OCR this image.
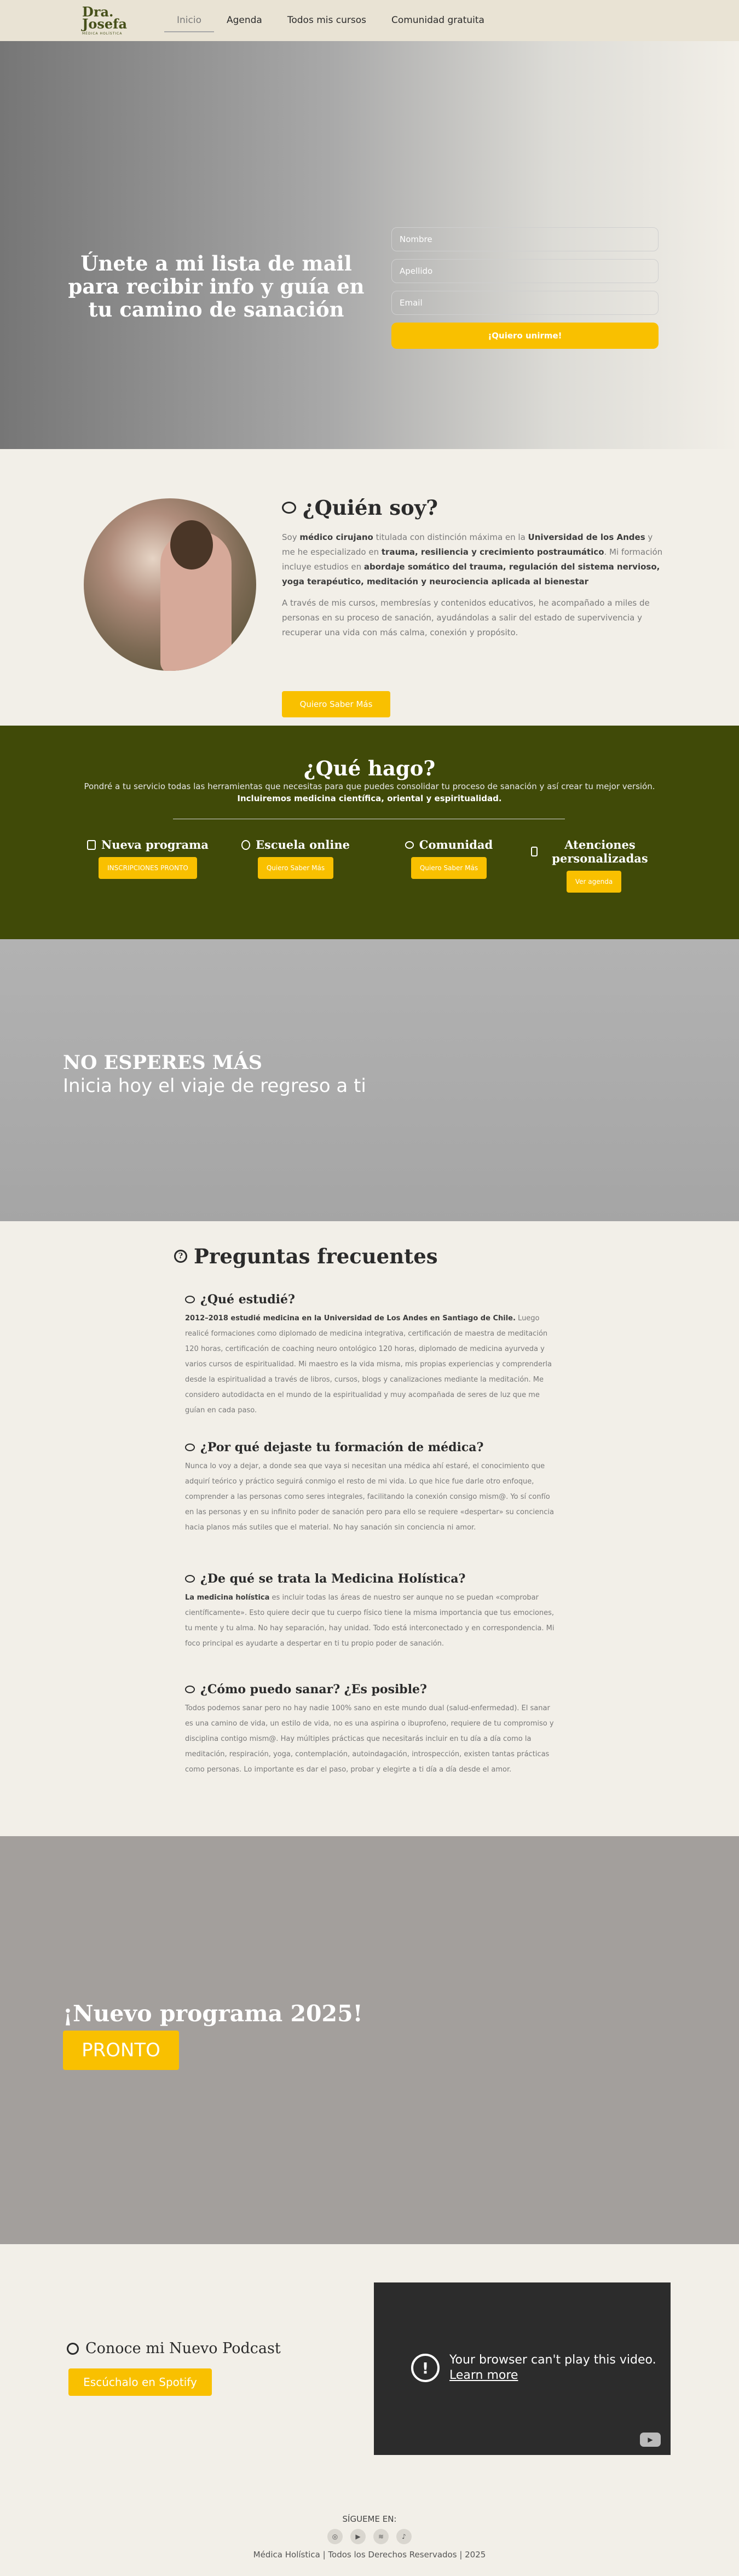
Dra. Josefa
MÉDICA HOLÍSTICA
Inicio	Agenda	Todos mis cursos	Comunidad gratuita
Únete a mi lista de mail para recibir info y guía en tu camino de sanación
Nombre
Apellido
Email
¡Quiero unirme!
¿Quién soy?

Soy médico cirujano titulada con distinción máxima en la Universidad de los Andes y me he especializado en trauma, resiliencia y crecimiento postraumático. Mi formación incluye estudios en abordaje somático del trauma, regulación del sistema nervioso, yoga terapéutico, meditación y neurociencia aplicada al bienestar

A través de mis cursos, membresías y contenidos educativos, he acompañado a miles de personas en su proceso de sanación, ayudándolas a salir del estado de supervivencia y recuperar una vida con más calma, conexión y propósito.

Quiero Saber Más
¿Qué hago?
Pondré a tu servicio todas las herramientas que necesitas para que puedes consolidar tu proceso de sanación y así crear tu mejor versión.
Incluiremos medicina científica, oriental y espiritualidad.
Nueva programa
INSCRIPCIONES PRONTO
Escuela online
Quiero Saber Más
Comunidad
Quiero Saber Más
Atenciones personalizadas
Ver agenda
NO ESPERES MÁS

Inicia hoy el viaje de regreso a ti

? Preguntas frecuentes
¿Qué estudié?

2012–2018 estudié medicina en la Universidad de Los Andes en Santiago de Chile. Luego realicé formaciones como diplomado de medicina integrativa, certificación de maestra de meditación 120 horas, certificación de coaching neuro ontológico 120 horas, diplomado de medicina ayurveda y varios cursos de espiritualidad. Mi maestro es la vida misma, mis propias experiencias y comprenderla desde la espiritualidad a través de libros, cursos, blogs y canalizaciones mediante la meditación. Me considero autodidacta en el mundo de la espiritualidad y muy acompañada de seres de luz que me guían en cada paso.

¿Por qué dejaste tu formación de médica?

Nunca lo voy a dejar, a donde sea que vaya si necesitan una médica ahí estaré, el conocimiento que adquirí teórico y práctico seguirá conmigo el resto de mi vida. Lo que hice fue darle otro enfoque, comprender a las personas como seres integrales, facilitando la conexión consigo mism@. Yo sí confío en las personas y en su infinito poder de sanación pero para ello se requiere «despertar» su conciencia hacia planos más sutiles que el material. No hay sanación sin conciencia ni amor.

¿De qué se trata la Medicina Holística?

La medicina holística es incluir todas las áreas de nuestro ser aunque no se puedan «comprobar científicamente». Esto quiere decir que tu cuerpo físico tiene la misma importancia que tus emociones, tu mente y tu alma. No hay separación, hay unidad. Todo está interconectado y en correspondencia. Mi foco principal es ayudarte a despertar en ti tu propio poder de sanación.

¿Cómo puedo sanar? ¿Es posible?

Todos podemos sanar pero no hay nadie 100% sano en este mundo dual (salud-enfermedad). El sanar es una camino de vida, un estilo de vida, no es una aspirina o ibuprofeno, requiere de tu compromiso y disciplina contigo mism@. Hay múltiples prácticas que necesitarás incluir en tu día a día como la meditación, respiración, yoga, contemplación, autoindagación, introspección, existen tantas prácticas como personas. Lo importante es dar el paso, probar y elegirte a ti día a día desde el amor.

¡Nuevo programa 2025!
PRONTO
Conoce mi Nuevo Podcast
Escúchalo en Spotify
!	Your browser can't play this video.
Learn more
▶
SÍGUEME EN:
◎	▶	≋	♪
Médica Holística | Todos los Derechos Reservados | 2025
